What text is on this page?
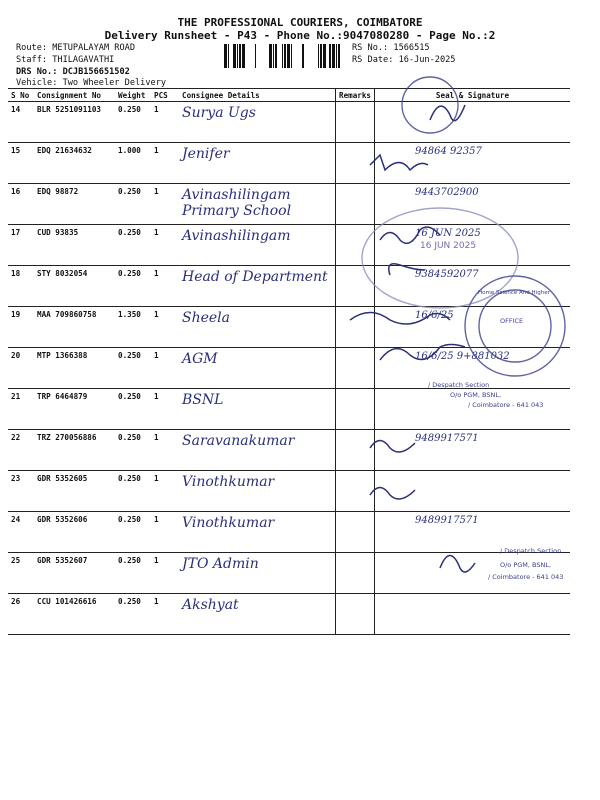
THE PROFESSIONAL COURIERS, COIMBATORE
Delivery Runsheet - P43 - Phone No.:9047080280 - Page No.:2
Route: METUPALAYAM ROAD
Staff: THILAGAVATHI
DRS No.: DCJB156651502
Vehicle: Two Wheeler Delivery
RS No.: 1566515
RS Date: 16-Jun-2025
S No	Consignment No	Weight	PCS	Consignee Details	Remarks	Seal & Signature
14	BLR 5251091103	0.250	1	Surya Ugs		
15	EDQ 21634632	1.000	1	Jenifer		94864 92357
16	EDQ 98872	0.250	1	Avinashilingam Primary School		9443702900
17	CUD 93835	0.250	1	Avinashilingam		16 JUN 2025
18	STY 8032054	0.250	1	Head of Department		9384592077
19	MAA 709860758	1.350	1	Sheela		16/6/25
20	MTP 1366388	0.250	1	AGM		16/6/25 9+881032
21	TRP 6464879	0.250	1	BSNL		
22	TRZ 270056886	0.250	1	Saravanakumar		9489917571
23	GDR 5352605	0.250	1	Vinothkumar		
24	GDR 5352606	0.250	1	Vinothkumar		9489917571
25	GDR 5352607	0.250	1	JTO Admin		
26	CCU 101426616	0.250	1	Akshyat		
/ Despatch Section
O/o PGM, BSNL,
/ Coimbatore - 641 043
Home Science And Higher
OFFICE
16 JUN 2025
/ Despatch Section
O/o PGM, BSNL,
/ Coimbatore - 641 043
